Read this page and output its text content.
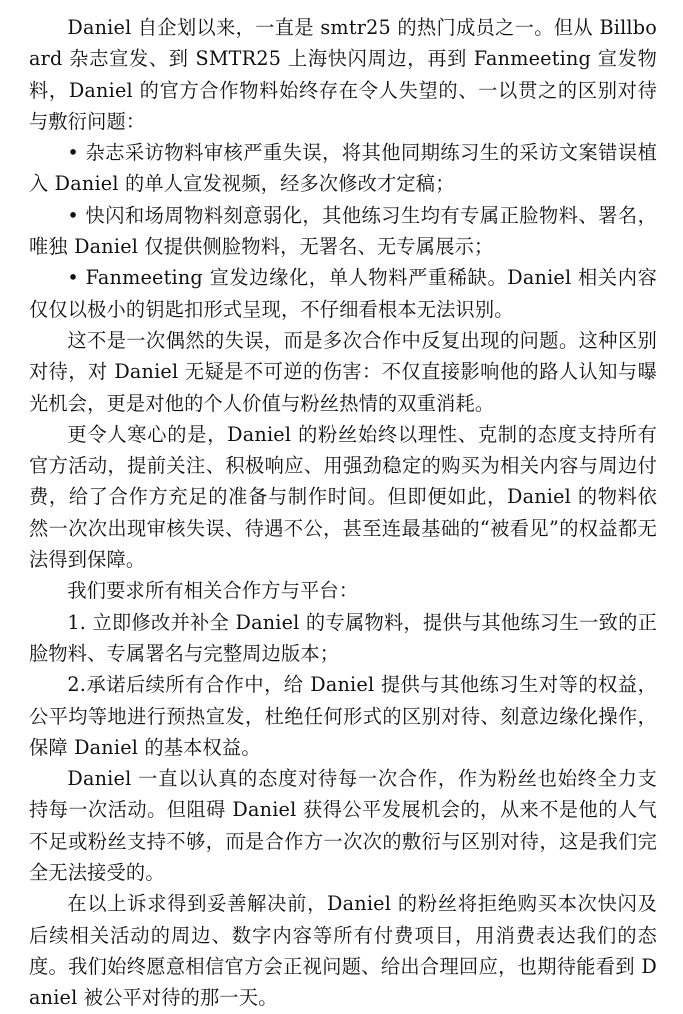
Daniel 自企划以来，一直是 smtr25 的热门成员之一。但从 Billboard 杂志宣发、到 SMTR25 上海快闪周边，再到 Fanmeeting 宣发物料，Daniel 的官方合作物料始终存在令人失望的、一以贯之的区别对待与敷衍问题：

• 杂志采访物料审核严重失误，将其他同期练习生的采访文案错误植入 Daniel 的单人宣发视频，经多次修改才定稿；

• 快闪和场周物料刻意弱化，其他练习生均有专属正脸物料、署名，唯独 Daniel 仅提供侧脸物料，无署名、无专属展示；

• Fanmeeting 宣发边缘化，单人物料严重稀缺。Daniel 相关内容仅仅以极小的钥匙扣形式呈现，不仔细看根本无法识别。

这不是一次偶然的失误，而是多次合作中反复出现的问题。这种区别对待，对 Daniel 无疑是不可逆的伤害：不仅直接影响他的路人认知与曝光机会，更是对他的个人价值与粉丝热情的双重消耗。

更令人寒心的是，Daniel 的粉丝始终以理性、克制的态度支持所有官方活动，提前关注、积极响应、用强劲稳定的购买为相关内容与周边付费，给了合作方充足的准备与制作时间。但即便如此，Daniel 的物料依然一次次出现审核失误、待遇不公，甚至连最基础的“被看见”的权益都无法得到保障。

我们要求所有相关合作方与平台：

1. 立即修改并补全 Daniel 的专属物料，提供与其他练习生一致的正脸物料、专属署名与完整周边版本；

2.承诺后续所有合作中，给 Daniel 提供与其他练习生对等的权益，公平均等地进行预热宣发，杜绝任何形式的区别对待、刻意边缘化操作，保障 Daniel 的基本权益。

Daniel 一直以认真的态度对待每一次合作，作为粉丝也始终全力支持每一次活动。但阻碍 Daniel 获得公平发展机会的，从来不是他的人气不足或粉丝支持不够，而是合作方一次次的敷衍与区别对待，这是我们完全无法接受的。

在以上诉求得到妥善解决前，Daniel 的粉丝将拒绝购买本次快闪及后续相关活动的周边、数字内容等所有付费项目，用消费表达我们的态度。我们始终愿意相信官方会正视问题、给出合理回应，也期待能看到 Daniel 被公平对待的那一天。
